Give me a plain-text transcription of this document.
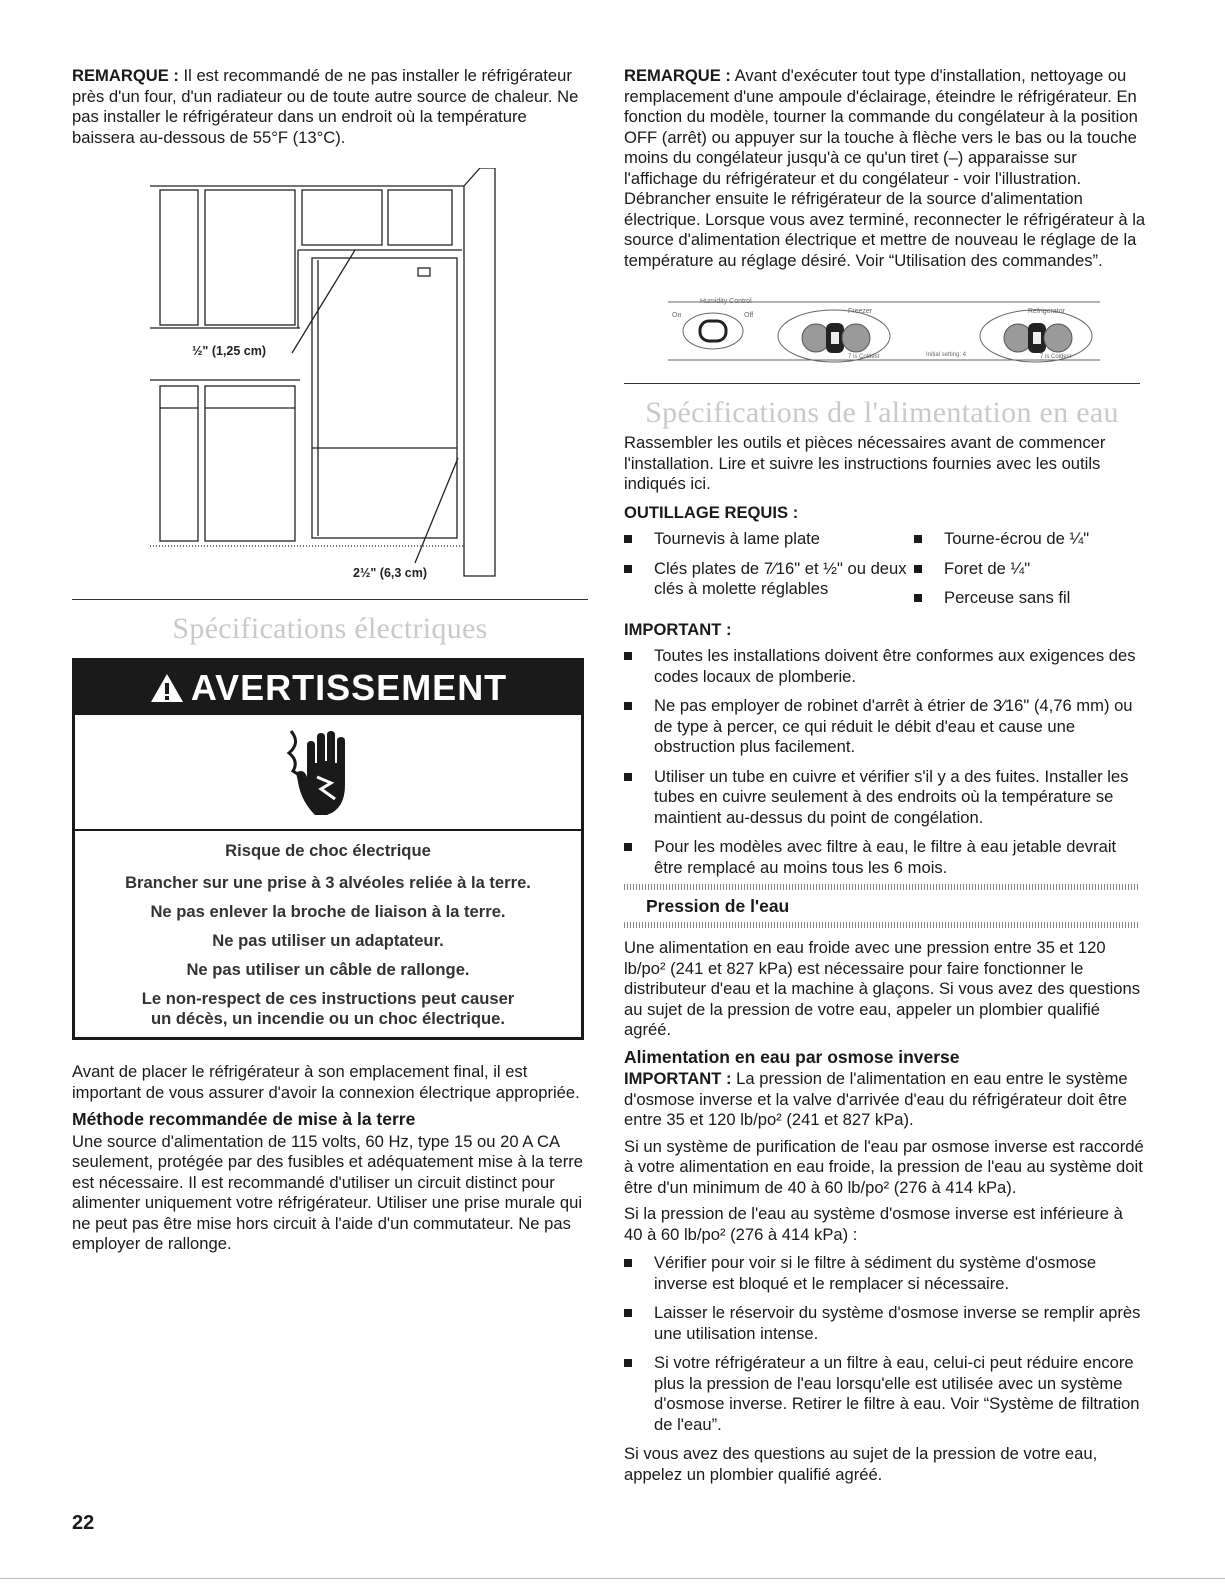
REMARQUE : Il est recommandé de ne pas installer le réfrigérateur près d'un four, d'un radiateur ou de toute autre source de chaleur. Ne pas installer le réfrigérateur dans un endroit où la température baissera au-dessous de 55°F (13°C).

½" (1,25 cm)
2½" (6,3 cm)
Spécifications électriques
AVERTISSEMENT

Risque de choc électrique

Brancher sur une prise à 3 alvéoles reliée à la terre.

Ne pas enlever la broche de liaison à la terre.

Ne pas utiliser un adaptateur.

Ne pas utiliser un câble de rallonge.

Le non-respect de ces instructions peut causer

un décès, un incendie ou un choc électrique.

Avant de placer le réfrigérateur à son emplacement final, il est important de vous assurer d'avoir la connexion électrique appropriée.

Méthode recommandée de mise à la terre

Une source d'alimentation de 115 volts, 60 Hz, type 15 ou 20 A CA seulement, protégée par des fusibles et adéquatement mise à la terre est nécessaire. Il est recommandé d'utiliser un circuit distinct pour alimenter uniquement votre réfrigérateur. Utiliser une prise murale qui ne peut pas être mise hors circuit à l'aide d'un commutateur. Ne pas employer de rallonge.

REMARQUE : Avant d'exécuter tout type d'installation, nettoyage ou remplacement d'une ampoule d'éclairage, éteindre le réfrigérateur. En fonction du modèle, tourner la commande du congélateur à la position OFF (arrêt) ou appuyer sur la touche à flèche vers le bas ou la touche moins du congélateur jusqu'à ce qu'un tiret (–) apparaisse sur l'affichage du réfrigérateur et du congélateur - voir l'illustration. Débrancher ensuite le réfrigérateur de la source d'alimentation électrique. Lorsque vous avez terminé, reconnecter le réfrigérateur à la source d'alimentation électrique et mettre de nouveau le réglage de la température au réglage désiré. Voir “Utilisation des commandes”.

Humidity Control
On	Off
Freezer	Refrigerator
7 is Coldest	Initial setting: 4	7 is Coldest
Spécifications de l'alimentation en eau

Rassembler les outils et pièces nécessaires avant de commencer l'installation. Lire et suivre les instructions fournies avec les outils indiqués ici.

OUTILLAGE REQUIS :

Tournevis à lame plate
Clés plates de 7⁄16" et ½" ou deux clés à molette réglables
Tourne-écrou de ¼"
Foret de ¼"
Perceuse sans fil

IMPORTANT :

Toutes les installations doivent être conformes aux exigences des codes locaux de plomberie.
Ne pas employer de robinet d'arrêt à étrier de 3⁄16" (4,76 mm) ou de type à percer, ce qui réduit le débit d'eau et cause une obstruction plus facilement.
Utiliser un tube en cuivre et vérifier s'il y a des fuites. Installer les tubes en cuivre seulement à des endroits où la température se maintient au-dessus du point de congélation.
Pour les modèles avec filtre à eau, le filtre à eau jetable devrait être remplacé au moins tous les 6 mois.

Pression de l'eau

Une alimentation en eau froide avec une pression entre 35 et 120 lb/po² (241 et 827 kPa) est nécessaire pour faire fonctionner le distributeur d'eau et la machine à glaçons. Si vous avez des questions au sujet de la pression de votre eau, appeler un plombier qualifié agréé.

Alimentation en eau par osmose inverse

IMPORTANT : La pression de l'alimentation en eau entre le système d'osmose inverse et la valve d'arrivée d'eau du réfrigérateur doit être entre 35 et 120 lb/po² (241 et 827 kPa).

Si un système de purification de l'eau par osmose inverse est raccordé à votre alimentation en eau froide, la pression de l'eau au système doit être d'un minimum de 40 à 60 lb/po² (276 à 414 kPa).

Si la pression de l'eau au système d'osmose inverse est inférieure à 40 à 60 lb/po² (276 à 414 kPa) :

Vérifier pour voir si le filtre à sédiment du système d'osmose inverse est bloqué et le remplacer si nécessaire.
Laisser le réservoir du système d'osmose inverse se remplir après une utilisation intense.
Si votre réfrigérateur a un filtre à eau, celui-ci peut réduire encore plus la pression de l'eau lorsqu'elle est utilisée avec un système d'osmose inverse. Retirer le filtre à eau. Voir “Système de filtration de l'eau”.

Si vous avez des questions au sujet de la pression de votre eau, appelez un plombier qualifié agréé.

22
